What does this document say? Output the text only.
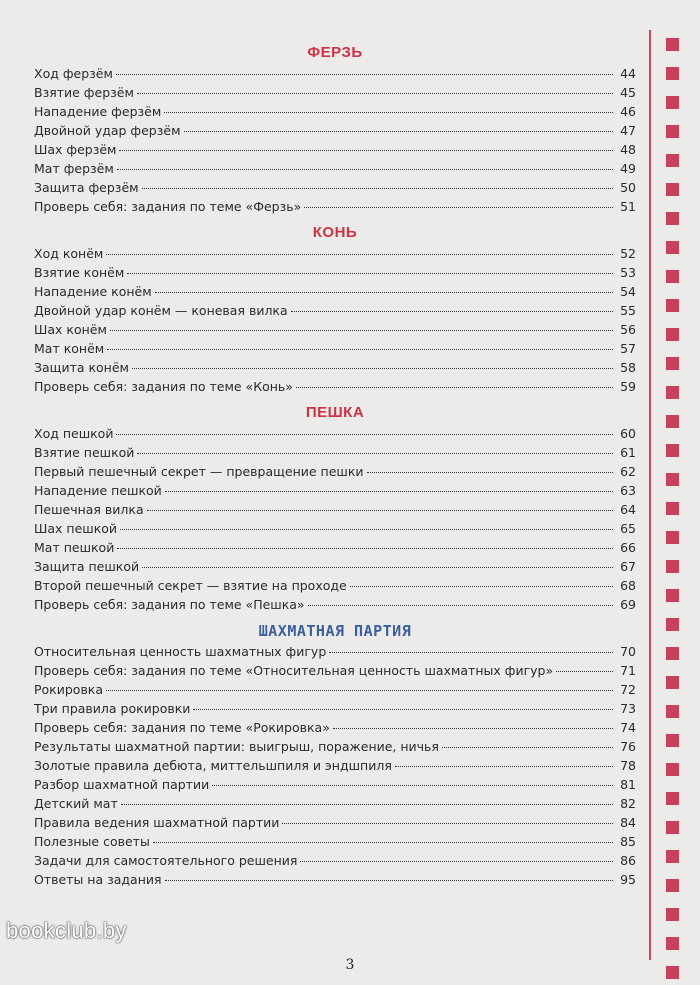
ФЕРЗЬ
Ход ферзём	44
Взятие ферзём	45
Нападение ферзём	46
Двойной удар ферзём	47
Шах ферзём	48
Мат ферзём	49
Защита ферзём	50
Проверь себя: задания по теме «Ферзь»	51
КОНЬ
Ход конём	52
Взятие конём	53
Нападение конём	54
Двойной удар конём — коневая вилка	55
Шах конём	56
Мат конём	57
Защита конём	58
Проверь себя: задания по теме «Конь»	59
ПЕШКА
Ход пешкой	60
Взятие пешкой	61
Первый пешечный секрет — превращение пешки	62
Нападение пешкой	63
Пешечная вилка	64
Шах пешкой	65
Мат пешкой	66
Защита пешкой	67
Второй пешечный секрет — взятие на проходе	68
Проверь себя: задания по теме «Пешка»	69
ШАХМАТНАЯ ПАРТИЯ
Относительная ценность шахматных фигур	70
Проверь себя: задания по теме «Относительная ценность шахматных фигур»	71
Рокировка	72
Три правила рокировки	73
Проверь себя: задания по теме «Рокировка»	74
Результаты шахматной партии: выигрыш, поражение, ничья	76
Золотые правила дебюта, миттельшпиля и эндшпиля	78
Разбор шахматной партии	81
Детский мат	82
Правила ведения шахматной партии	84
Полезные советы	85
Задачи для самостоятельного решения	86
Ответы на задания	95
bookclub.by
3
